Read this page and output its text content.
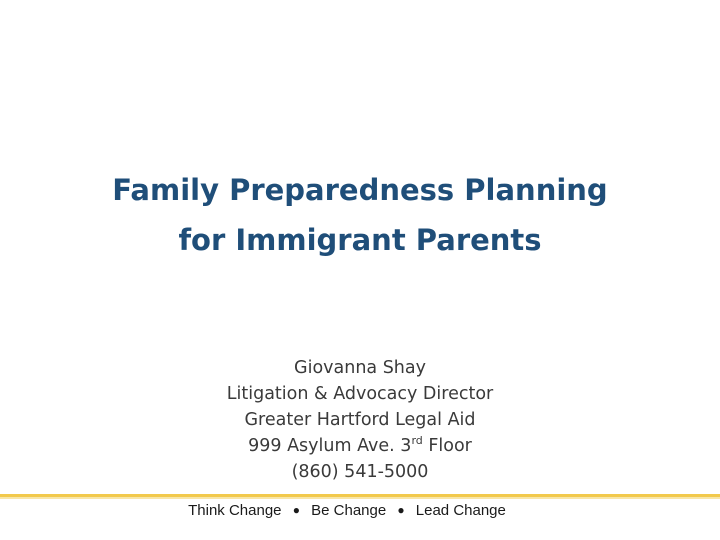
Family Preparedness Planning
for Immigrant Parents
Giovanna Shay
Litigation & Advocacy Director
Greater Hartford Legal Aid
999 Asylum Ave. 3rd Floor
(860) 541-5000
Think Change ● Be Change ● Lead Change
